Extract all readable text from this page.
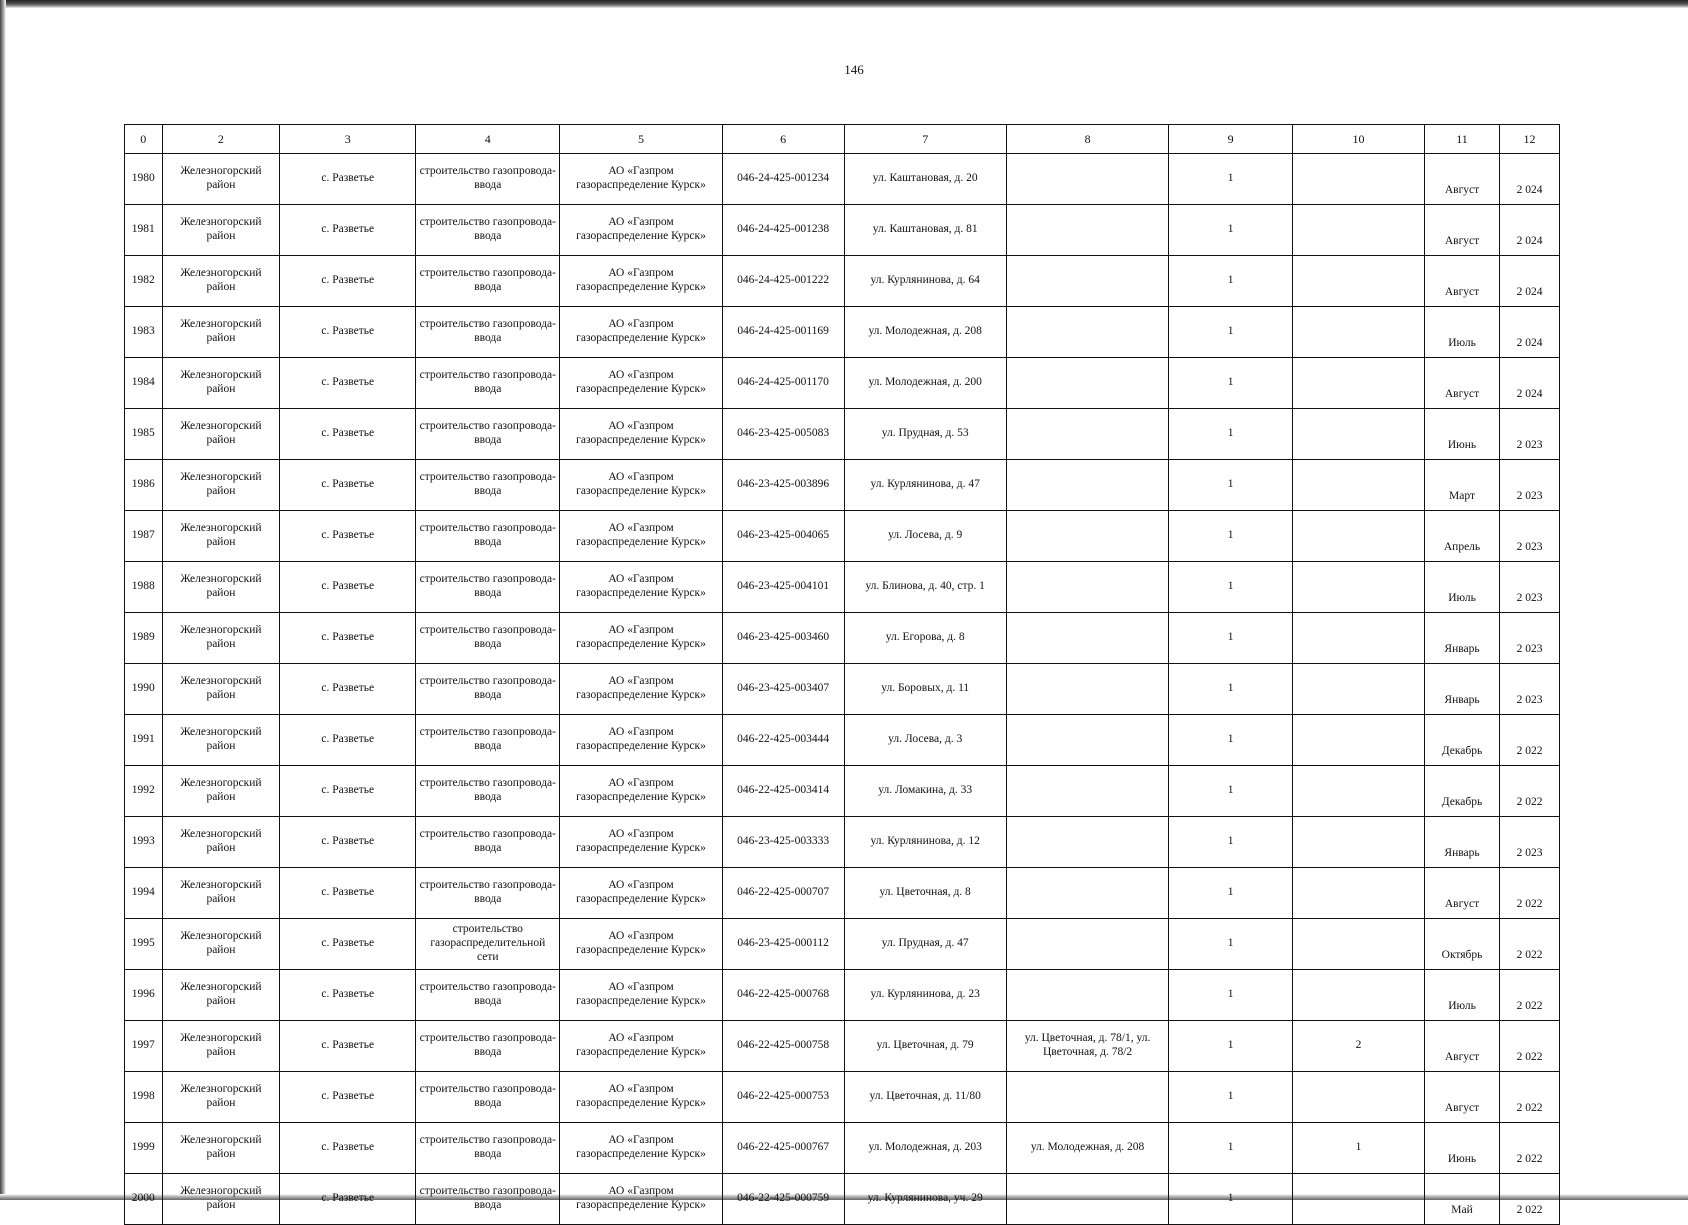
146
0	2	3	4	5	6	7	8	9	10	11	12
1980	Железногорский район	с. Разветье	строительство газопровода-ввода	АО «Газпром газораспределение Курск»	046-24-425-001234	ул. Каштановая, д. 20		1		Август	2 024
1981	Железногорский район	с. Разветье	строительство газопровода-ввода	АО «Газпром газораспределение Курск»	046-24-425-001238	ул. Каштановая, д. 81		1		Август	2 024
1982	Железногорский район	с. Разветье	строительство газопровода-ввода	АО «Газпром газораспределение Курск»	046-24-425-001222	ул. Курлянинова, д. 64		1		Август	2 024
1983	Железногорский район	с. Разветье	строительство газопровода-ввода	АО «Газпром газораспределение Курск»	046-24-425-001169	ул. Молодежная, д. 208		1		Июль	2 024
1984	Железногорский район	с. Разветье	строительство газопровода-ввода	АО «Газпром газораспределение Курск»	046-24-425-001170	ул. Молодежная, д. 200		1		Август	2 024
1985	Железногорский район	с. Разветье	строительство газопровода-ввода	АО «Газпром газораспределение Курск»	046-23-425-005083	ул. Прудная, д. 53		1		Июнь	2 023
1986	Железногорский район	с. Разветье	строительство газопровода-ввода	АО «Газпром газораспределение Курск»	046-23-425-003896	ул. Курлянинова, д. 47		1		Март	2 023
1987	Железногорский район	с. Разветье	строительство газопровода-ввода	АО «Газпром газораспределение Курск»	046-23-425-004065	ул. Лосева, д. 9		1		Апрель	2 023
1988	Железногорский район	с. Разветье	строительство газопровода-ввода	АО «Газпром газораспределение Курск»	046-23-425-004101	ул. Блинова, д. 40, стр. 1		1		Июль	2 023
1989	Железногорский район	с. Разветье	строительство газопровода-ввода	АО «Газпром газораспределение Курск»	046-23-425-003460	ул. Егорова, д. 8		1		Январь	2 023
1990	Железногорский район	с. Разветье	строительство газопровода-ввода	АО «Газпром газораспределение Курск»	046-23-425-003407	ул. Боровых, д. 11		1		Январь	2 023
1991	Железногорский район	с. Разветье	строительство газопровода-ввода	АО «Газпром газораспределение Курск»	046-22-425-003444	ул. Лосева, д. 3		1		Декабрь	2 022
1992	Железногорский район	с. Разветье	строительство газопровода-ввода	АО «Газпром газораспределение Курск»	046-22-425-003414	ул. Ломакина, д. 33		1		Декабрь	2 022
1993	Железногорский район	с. Разветье	строительство газопровода-ввода	АО «Газпром газораспределение Курск»	046-23-425-003333	ул. Курлянинова, д. 12		1		Январь	2 023
1994	Железногорский район	с. Разветье	строительство газопровода-ввода	АО «Газпром газораспределение Курск»	046-22-425-000707	ул. Цветочная, д. 8		1		Август	2 022
1995	Железногорский район	с. Разветье	строительство газораспределительной сети	АО «Газпром газораспределение Курск»	046-23-425-000112	ул. Прудная, д. 47		1		Октябрь	2 022
1996	Железногорский район	с. Разветье	строительство газопровода-ввода	АО «Газпром газораспределение Курск»	046-22-425-000768	ул. Курлянинова, д. 23		1		Июль	2 022
1997	Железногорский район	с. Разветье	строительство газопровода-ввода	АО «Газпром газораспределение Курск»	046-22-425-000758	ул. Цветочная, д. 79	ул. Цветочная, д. 78/1, ул. Цветочная, д. 78/2	1	2	Август	2 022
1998	Железногорский район	с. Разветье	строительство газопровода-ввода	АО «Газпром газораспределение Курск»	046-22-425-000753	ул. Цветочная, д. 11/80		1		Август	2 022
1999	Железногорский район	с. Разветье	строительство газопровода-ввода	АО «Газпром газораспределение Курск»	046-22-425-000767	ул. Молодежная, д. 203	ул. Молодежная, д. 208	1	1	Июнь	2 022
2000	Железногорский район	с. Разветье	строительство газопровода-ввода	АО «Газпром газораспределение Курск»	046-22-425-000759	ул. Курлянинова, уч. 29		1		Май	2 022
